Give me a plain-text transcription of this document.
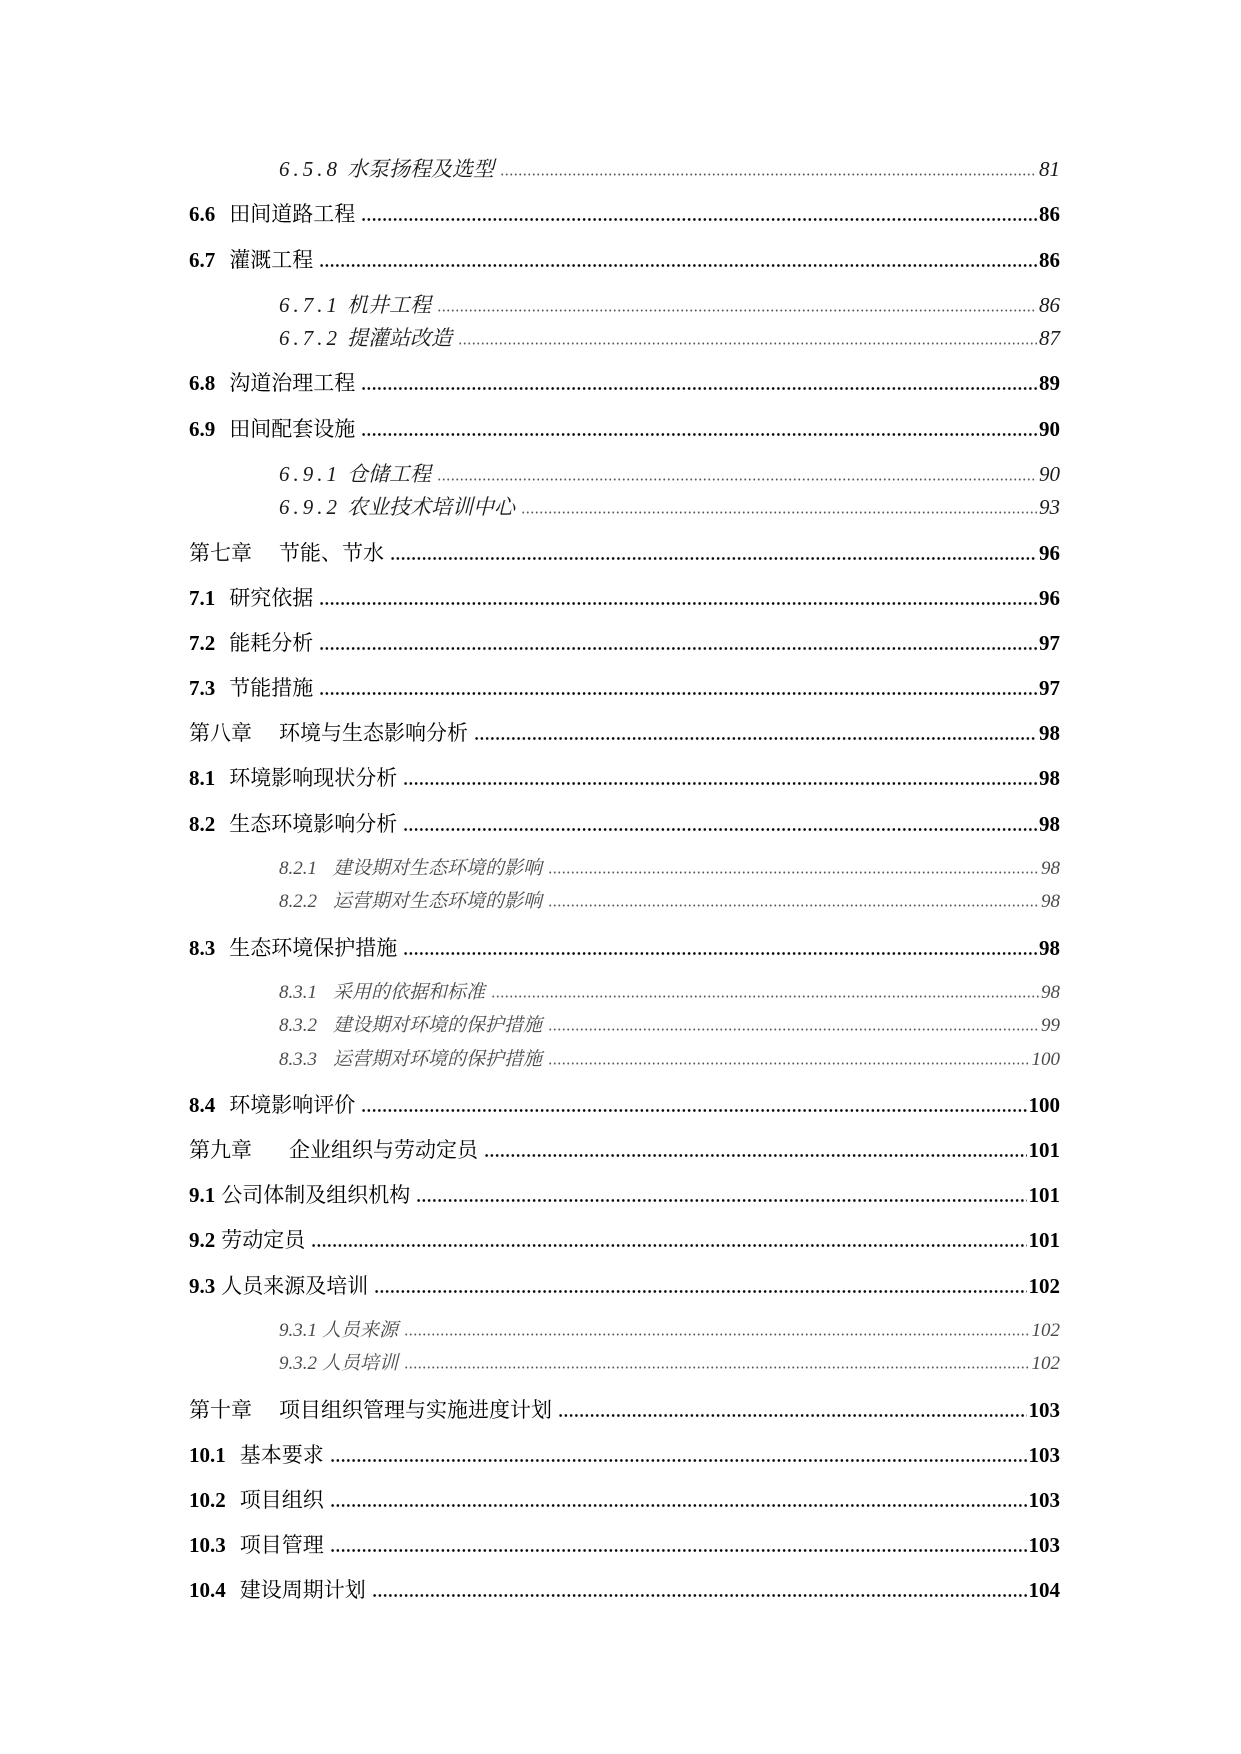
6.5.8 水泵扬程及选型	81
6.6 田间道路工程	86
6.7 灌溉工程	86
6.7.1 机井工程	86
6.7.2 提灌站改造	87
6.8 沟道治理工程	89
6.9 田间配套设施	90
6.9.1 仓储工程	90
6.9.2 农业技术培训中心	93
第七章	节能、节水	96
7.1 研究依据	96
7.2 能耗分析	97
7.3 节能措施	97
第八章	环境与生态影响分析	98
8.1 环境影响现状分析	98
8.2 生态环境影响分析	98
8.2.1 建设期对生态环境的影响	98
8.2.2 运营期对生态环境的影响	98
8.3 生态环境保护措施	98
8.3.1 采用的依据和标准	98
8.3.2 建设期对环境的保护措施	99
8.3.3 运营期对环境的保护措施	100
8.4 环境影响评价	100
第九章	企业组织与劳动定员	101
9.1 公司体制及组织机构	101
9.2 劳动定员	101
9.3 人员来源及培训	102
9.3.1 人员来源	102
9.3.2 人员培训	102
第十章	项目组织管理与实施进度计划	103
10.1 基本要求	103
10.2 项目组织	103
10.3 项目管理	103
10.4 建设周期计划	104
